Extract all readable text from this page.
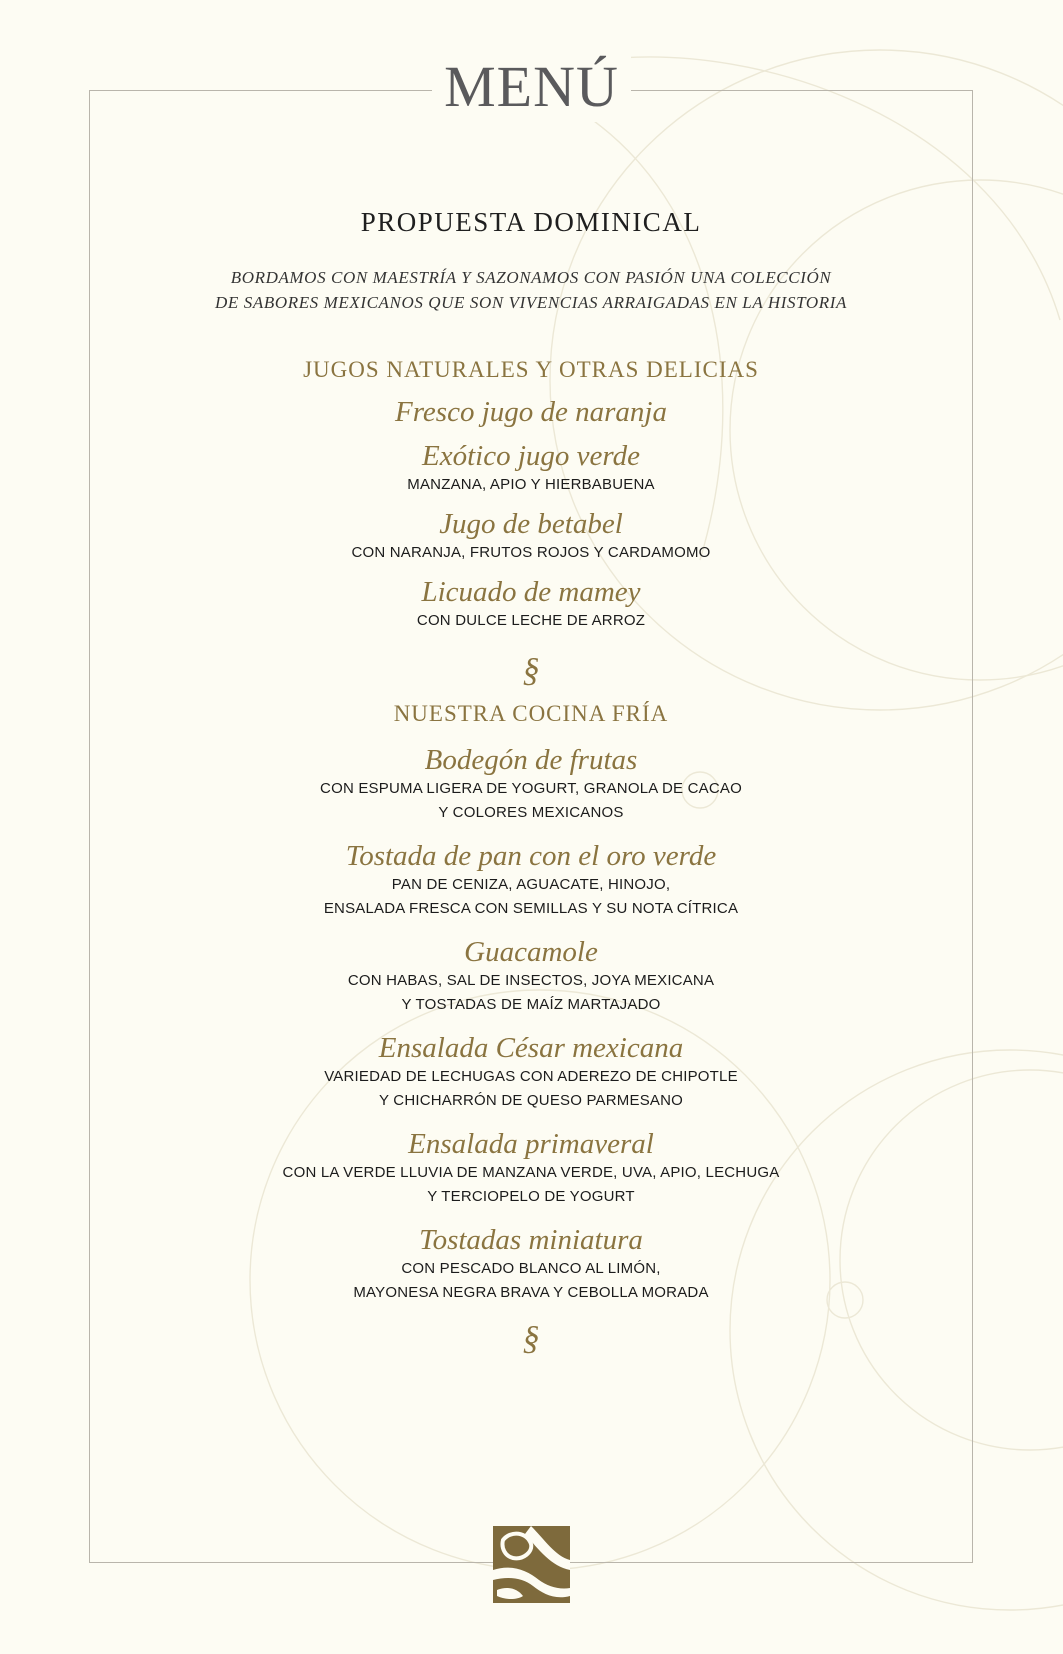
MENÚ
PROPUESTA DOMINICAL
BORDAMOS CON MAESTRÍA Y SAZONAMOS CON PASIÓN UNA COLECCIÓN
DE SABORES MEXICANOS QUE SON VIVENCIAS ARRAIGADAS EN LA HISTORIA
JUGOS NATURALES Y OTRAS DELICIAS
Fresco jugo de naranja
Exótico jugo verde
MANZANA, APIO Y HIERBABUENA
Jugo de betabel
CON NARANJA, FRUTOS ROJOS Y CARDAMOMO
Licuado de mamey
CON DULCE LECHE DE ARROZ
§
NUESTRA COCINA FRÍA
Bodegón de frutas
CON ESPUMA LIGERA DE YOGURT, GRANOLA DE CACAO
Y COLORES MEXICANOS
Tostada de pan con el oro verde
PAN DE CENIZA, AGUACATE, HINOJO,
ENSALADA FRESCA CON SEMILLAS Y SU NOTA CÍTRICA
Guacamole
CON HABAS, SAL DE INSECTOS, JOYA MEXICANA
Y TOSTADAS DE MAÍZ MARTAJADO
Ensalada César mexicana
VARIEDAD DE LECHUGAS CON ADEREZO DE CHIPOTLE
Y CHICHARRÓN DE QUESO PARMESANO
Ensalada primaveral
CON LA VERDE LLUVIA DE MANZANA VERDE, UVA, APIO, LECHUGA
Y TERCIOPELO DE YOGURT
Tostadas miniatura
CON PESCADO BLANCO AL LIMÓN,
MAYONESA NEGRA BRAVA Y CEBOLLA MORADA
§
